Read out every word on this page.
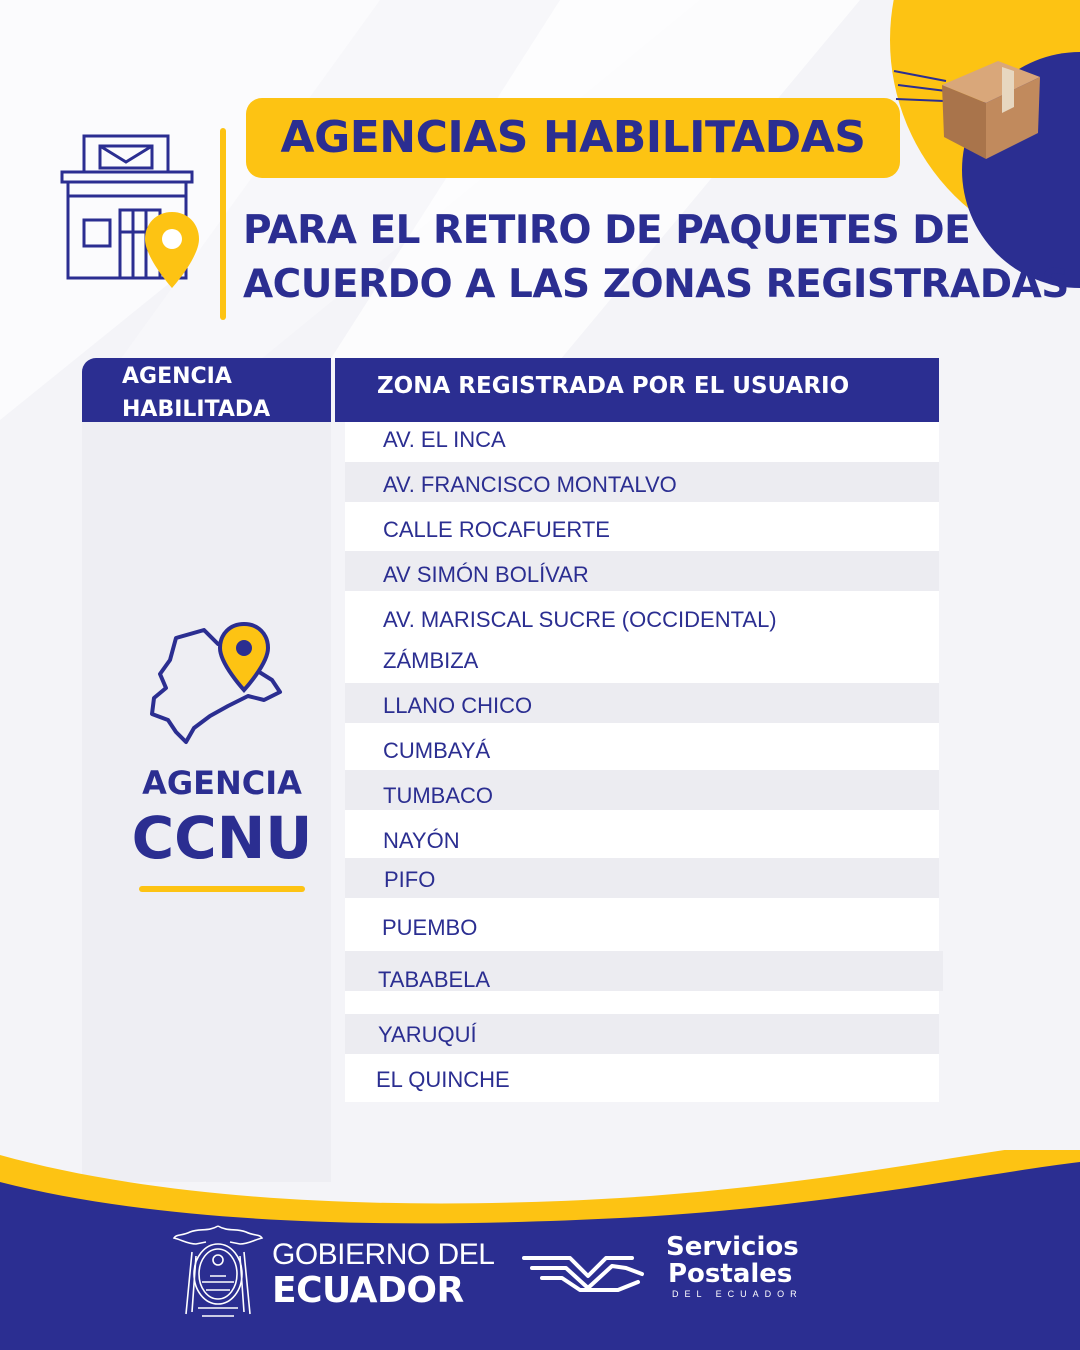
AGENCIAS HABILITADAS
PARA EL RETIRO DE PAQUETES DE
ACUERDO A LAS ZONAS REGISTRADAS
AGENCIA HABILITADA
ZONA REGISTRADA POR EL USUARIO
AV. EL INCA
AV. FRANCISCO MONTALVO
CALLE ROCAFUERTE
AV SIMÓN BOLÍVAR
AV. MARISCAL SUCRE (OCCIDENTAL)
ZÁMBIZA
LLANO CHICO
CUMBAYÁ
TUMBACO
NAYÓN
PIFO
PUEMBO
TABABELA
YARUQUÍ
EL QUINCHE
AGENCIA
CCNU
GOBIERNO DEL
ECUADOR
Servicios
Postales
DEL ECUADOR
